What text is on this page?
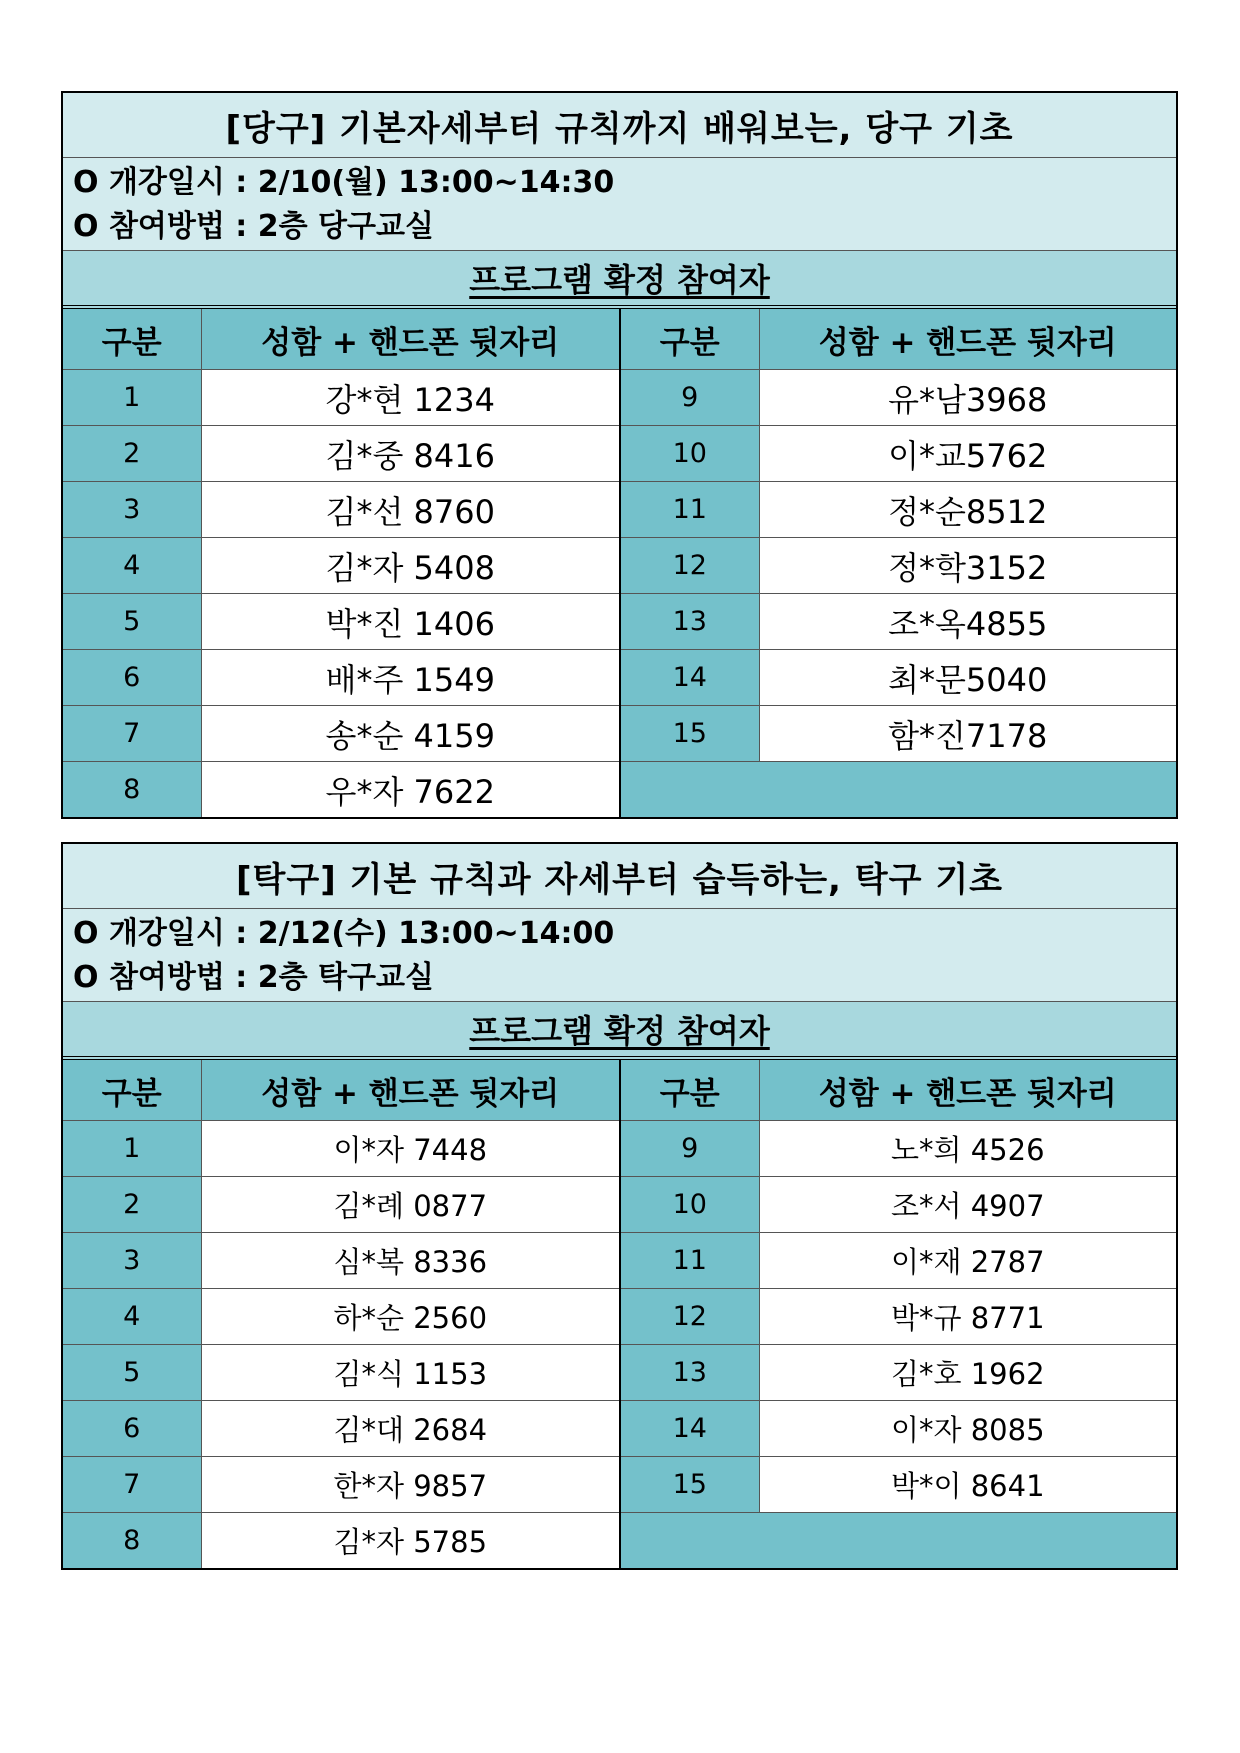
[당구] 기본자세부터 규칙까지 배워보는, 당구 기초
O 개강일시 : 2/10(월) 13:00~14:30
O 참여방법 : 2층 당구교실
프로그램 확정 참여자
구분	성함 + 핸드폰 뒷자리	구분	성함 + 핸드폰 뒷자리
1	강*현 1234	9	유*남3968
2	김*중 8416	10	이*교5762
3	김*선 8760	11	정*순8512
4	김*자 5408	12	정*학3152
5	박*진 1406	13	조*옥4855
6	배*주 1549	14	최*문5040
7	송*순 4159	15	함*진7178
8	우*자 7622		
[탁구] 기본 규칙과 자세부터 습득하는, 탁구 기초
O 개강일시 : 2/12(수) 13:00~14:00
O 참여방법 : 2층 탁구교실
프로그램 확정 참여자
구분	성함 + 핸드폰 뒷자리	구분	성함 + 핸드폰 뒷자리
1	이*자 7448	9	노*희 4526
2	김*례 0877	10	조*서 4907
3	심*복 8336	11	이*재 2787
4	하*순 2560	12	박*규 8771
5	김*식 1153	13	김*호 1962
6	김*대 2684	14	이*자 8085
7	한*자 9857	15	박*이 8641
8	김*자 5785		
